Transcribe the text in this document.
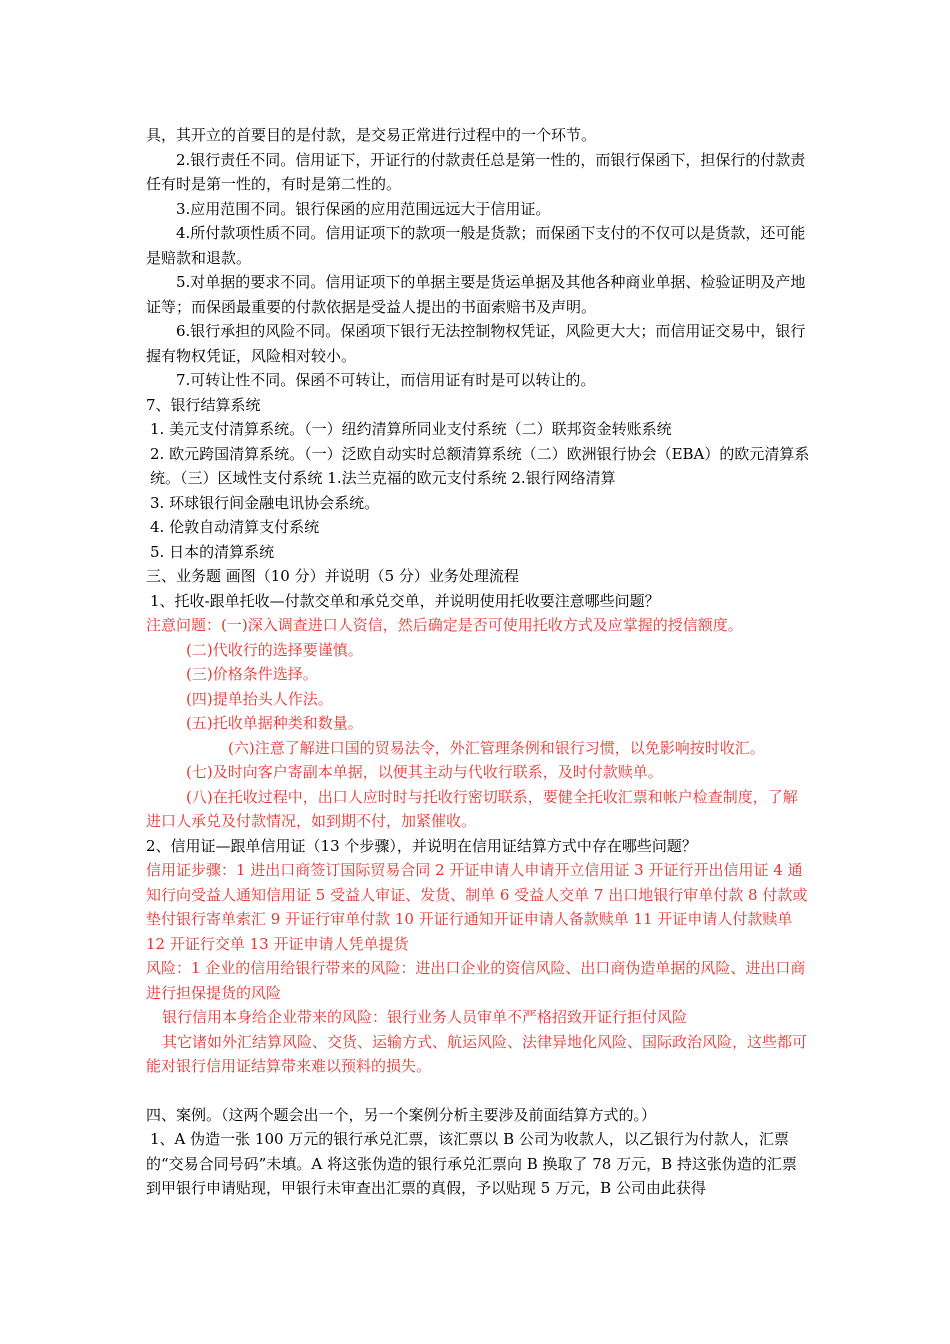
具，其开立的首要目的是付款，是交易正常进行过程中的一个环节。

2.银行责任不同。信用证下，开证行的付款责任总是第一性的，而银行保函下，担保行的付款责任有时是第一性的，有时是第二性的。

3.应用范围不同。银行保函的应用范围远远大于信用证。

4.所付款项性质不同。信用证项下的款项一般是货款；而保函下支付的不仅可以是货款，还可能是赔款和退款。

5.对单据的要求不同。信用证项下的单据主要是货运单据及其他各种商业单据、检验证明及产地证等；而保函最重要的付款依据是受益人提出的书面索赔书及声明。

6.银行承担的风险不同。保函项下银行无法控制物权凭证，风险更大大；而信用证交易中，银行握有物权凭证，风险相对较小。

7.可转让性不同。保函不可转让，而信用证有时是可以转让的。

7、银行结算系统

1. 美元支付清算系统。（一）纽约清算所同业支付系统（二）联邦资金转账系统

2. 欧元跨国清算系统。（一）泛欧自动实时总额清算系统（二）欧洲银行协会（EBA）的欧元清算系统。（三）区域性支付系统 1.法兰克福的欧元支付系统 2.银行网络清算

3. 环球银行间金融电讯协会系统。

4. 伦敦自动清算支付系统

5. 日本的清算系统

三、业务题 画图（10 分）并说明（5 分）业务处理流程

1、托收-跟单托收—付款交单和承兑交单，并说明使用托收要注意哪些问题？

注意问题：(一)深入调查进口人资信，然后确定是否可使用托收方式及应掌握的授信额度。

(二)代收行的选择要谨慎。

(三)价格条件选择。

(四)提单抬头人作法。

(五)托收单据种类和数量。

(六)注意了解进口国的贸易法令，外汇管理条例和银行习惯，以免影响按时收汇。

(七)及时向客户寄副本单据，以便其主动与代收行联系，及时付款赎单。

(八)在托收过程中，出口人应时时与托收行密切联系，要健全托收汇票和帐户检查制度，了解进口人承兑及付款情况，如到期不付，加紧催收。

2、信用证—跟单信用证（13 个步骤），并说明在信用证结算方式中存在哪些问题？

信用证步骤：1 进出口商签订国际贸易合同 2 开证申请人申请开立信用证 3 开证行开出信用证 4 通知行向受益人通知信用证 5 受益人审证、发货、制单 6 受益人交单 7 出口地银行审单付款 8 付款或垫付银行寄单索汇 9 开证行审单付款 10 开证行通知开证申请人备款赎单 11 开证申请人付款赎单 12 开证行交单 13 开证申请人凭单提货

风险：1 企业的信用给银行带来的风险：进出口企业的资信风险、出口商伪造单据的风险、进出口商进行担保提货的风险

银行信用本身给企业带来的风险：银行业务人员审单不严格招致开证行拒付风险

其它诸如外汇结算风险、交货、运输方式、航运风险、法律异地化风险、国际政治风险，这些都可能对银行信用证结算带来难以预料的损失。

四、案例。（这两个题会出一个，另一个案例分析主要涉及前面结算方式的。）

1、A 伪造一张 100 万元的银行承兑汇票，该汇票以 B 公司为收款人，以乙银行为付款人，汇票的“交易合同号码”未填。A 将这张伪造的银行承兑汇票向 B 换取了 78 万元，B 持这张伪造的汇票到甲银行申请贴现，甲银行未审查出汇票的真假，予以贴现 5 万元，B 公司由此获得
